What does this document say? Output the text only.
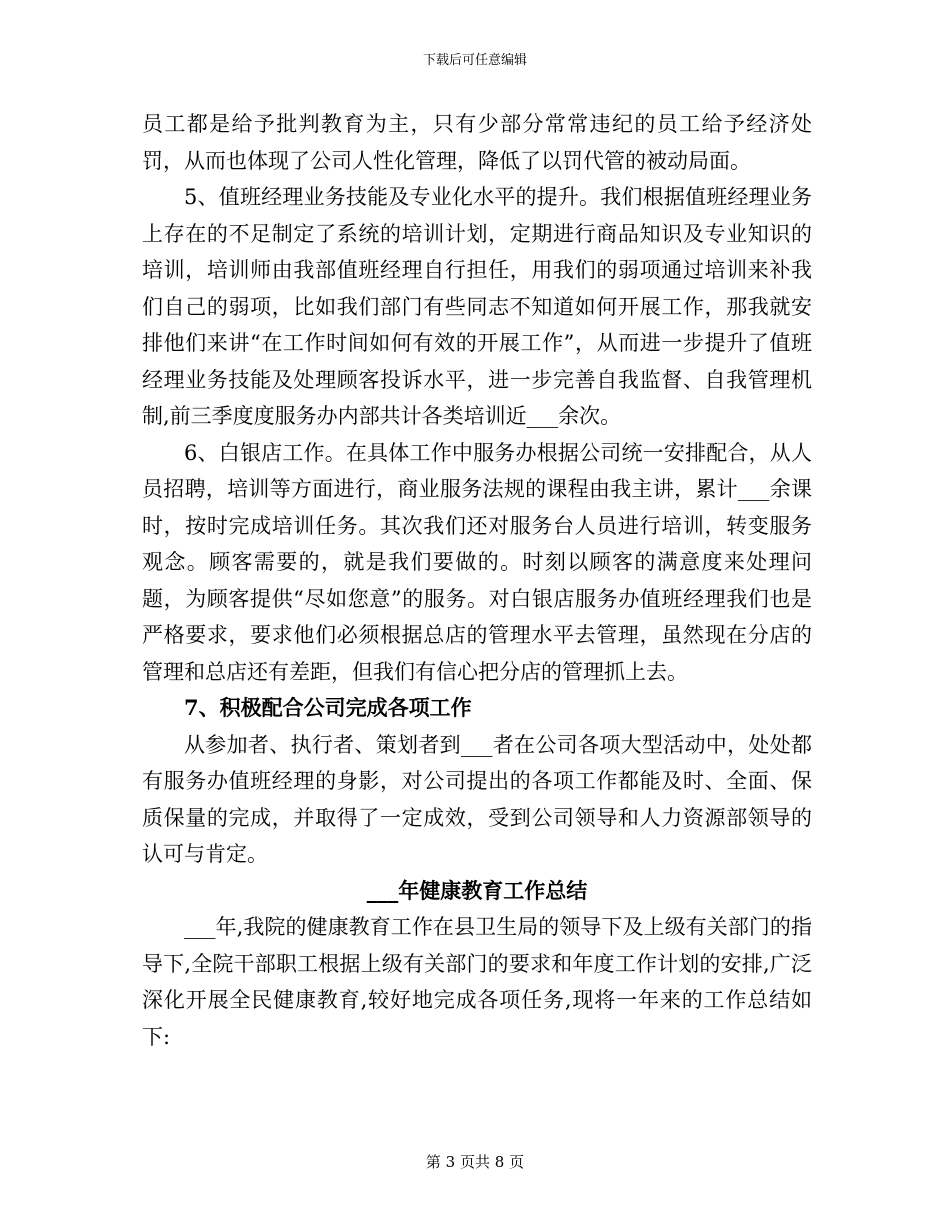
下载后可任意编辑

员工都是给予批判教育为主，只有少部分常常违纪的员工给予经济处罚，从而也体现了公司人性化管理，降低了以罚代管的被动局面。

5、值班经理业务技能及专业化水平的提升。我们根据值班经理业务上存在的不足制定了系统的培训计划，定期进行商品知识及专业知识的培训，培训师由我部值班经理自行担任，用我们的弱项通过培训来补我们自己的弱项，比如我们部门有些同志不知道如何开展工作，那我就安排他们来讲“在工作时间如何有效的开展工作”，从而进一步提升了值班经理业务技能及处理顾客投诉水平，进一步完善自我监督、自我管理机制,前三季度度服务办内部共计各类培训近___余次。

6、白银店工作。在具体工作中服务办根据公司统一安排配合，从人员招聘，培训等方面进行，商业服务法规的课程由我主讲，累计___余课时，按时完成培训任务。其次我们还对服务台人员进行培训，转变服务观念。顾客需要的，就是我们要做的。时刻以顾客的满意度来处理问题，为顾客提供“尽如您意”的服务。对白银店服务办值班经理我们也是严格要求，要求他们必须根据总店的管理水平去管理，虽然现在分店的管理和总店还有差距，但我们有信心把分店的管理抓上去。

7、积极配合公司完成各项工作

从参加者、执行者、策划者到___者在公司各项大型活动中，处处都有服务办值班经理的身影，对公司提出的各项工作都能及时、全面、保质保量的完成，并取得了一定成效，受到公司领导和人力资源部领导的认可与肯定。

___年健康教育工作总结

___年,我院的健康教育工作在县卫生局的领导下及上级有关部门的指导下,全院干部职工根据上级有关部门的要求和年度工作计划的安排,广泛深化开展全民健康教育,较好地完成各项任务,现将一年来的工作总结如下:

第 3 页共 8 页
